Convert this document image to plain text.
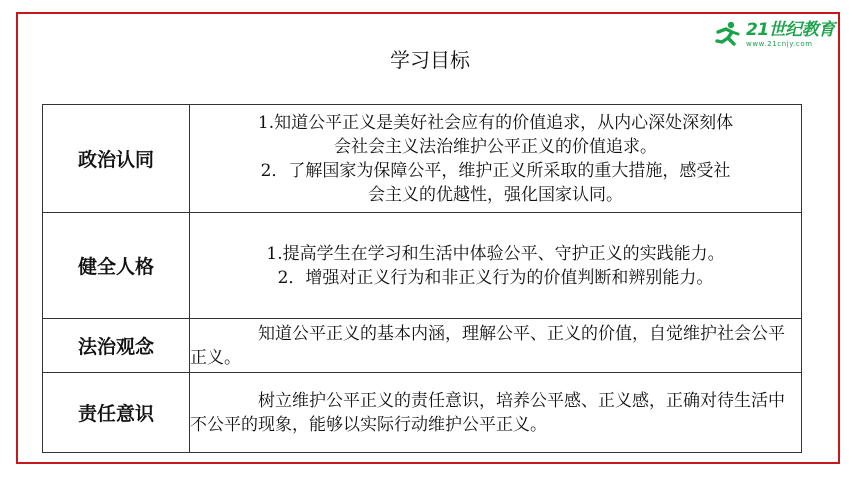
21世纪教育
www.21cnjy.com
学习目标
政治认同	1.知道公平正义是美好社会应有的价值追求，从内心深处深刻体
会社会主义法治维护公平正义的价值追求。
2．了解国家为保障公平，维护正义所采取的重大措施，感受社
会主义的优越性，强化国家认同。

健全人格	1.提高学生在学习和生活中体验公平、守护正义的实践能力。
2．增强对正义行为和非正义行为的价值判断和辨别能力。

法治观念	知道公平正义的基本内涵，理解公平、正义的价值，自觉维护社会公平正义。
责任意识	树立维护公平正义的责任意识，培养公平感、正义感，正确对待生活中不公平的现象，能够以实际行动维护公平正义。
